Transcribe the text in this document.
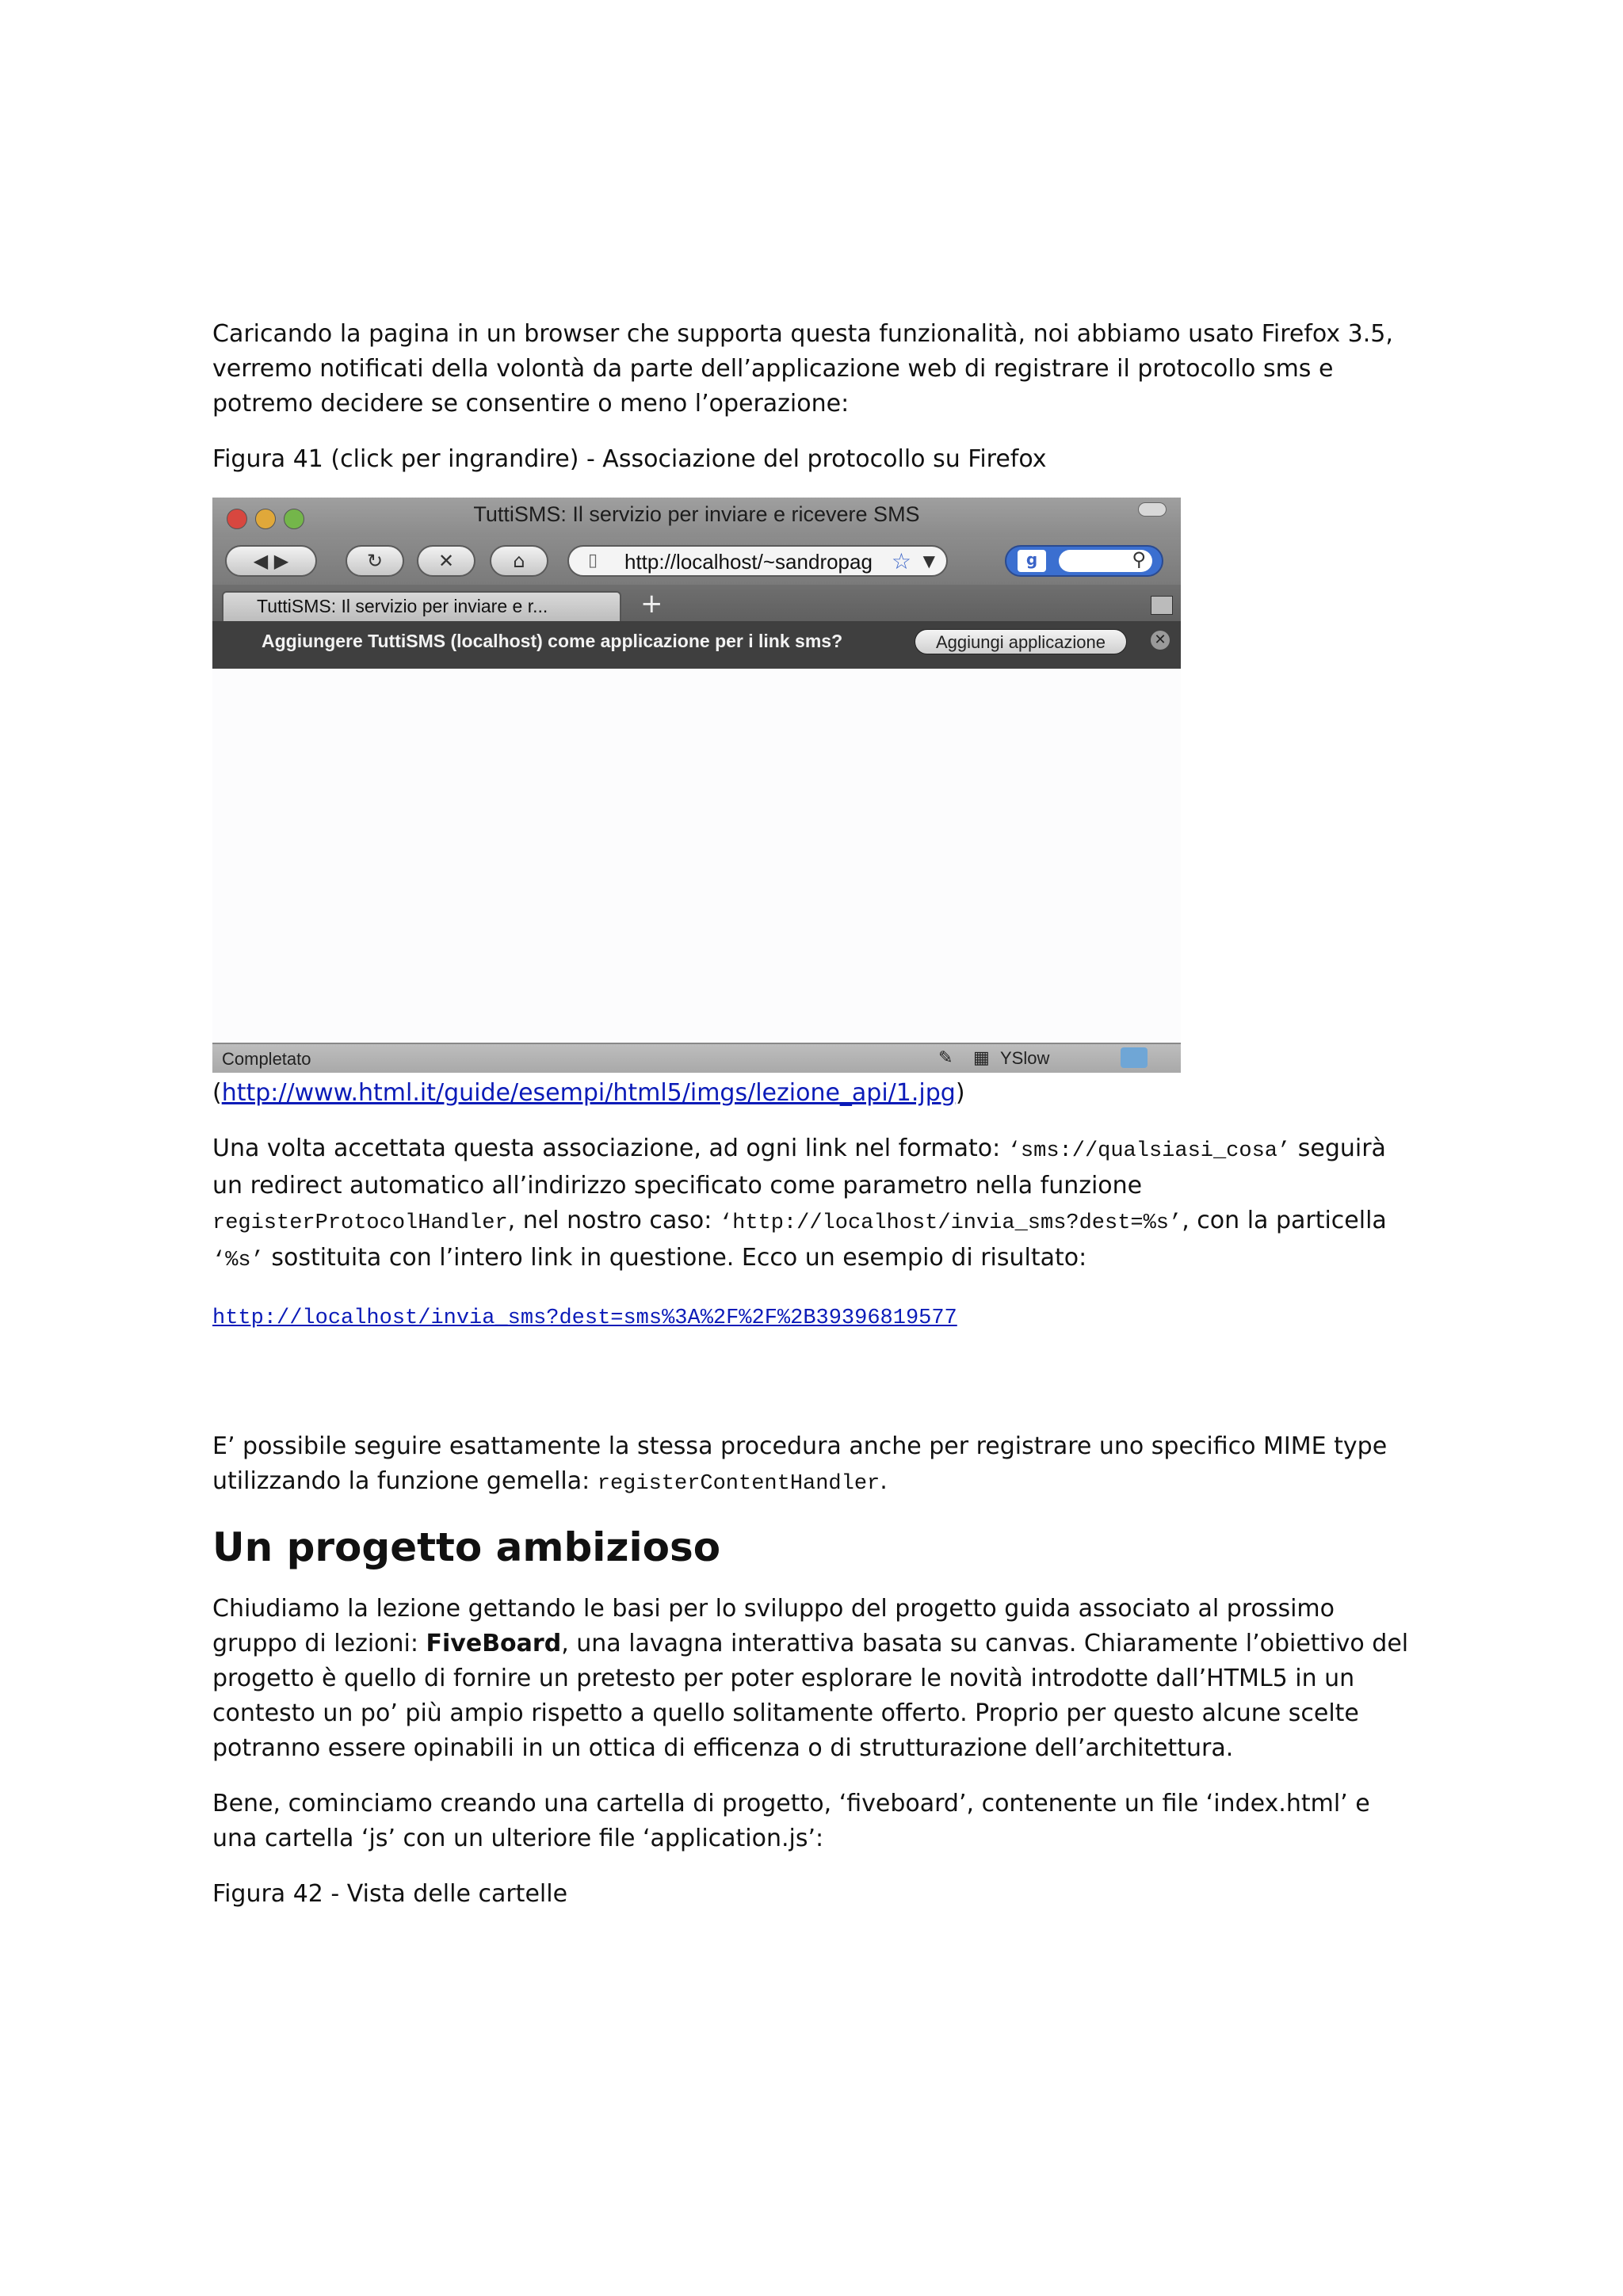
Caricando la pagina in un browser che supporta questa funzionalità, noi abbiamo usato Firefox 3.5, verremo notificati della volontà da parte dell’applicazione web di registrare il protocollo sms e potremo decidere se consentire o meno l’operazione:

Figura 41 (click per ingrandire) - Associazione del protocollo su Firefox

TuttiSMS: Il servizio per inviare e ricevere SMS
◀ ▶	↻	✕	⌂	▯ http://localhost/~sandropag ☆ ▼	g	⚲
TuttiSMS: Il servizio per inviare e r...	+
Aggiungere TuttiSMS (localhost) come applicazione per i link sms?	Aggiungi applicazione	✕
Completato	✎ ▦ YSlow

(http://www.html.it/guide/esempi/html5/imgs/lezione_api/1.jpg)

Una volta accettata questa associazione, ad ogni link nel formato: ‘sms://qualsiasi_cosa’ seguirà un redirect automatico all’indirizzo specificato come parametro nella funzione registerProtocolHandler, nel nostro caso: ‘http://localhost/invia_sms?dest=%s’, con la particella ‘%s’ sostituita con l’intero link in questione. Ecco un esempio di risultato:

http://localhost/invia_sms?dest=sms%3A%2F%2F%2B39396819577

E’ possibile seguire esattamente la stessa procedura anche per registrare uno specifico MIME type utilizzando la funzione gemella: registerContentHandler.

Un progetto ambizioso

Chiudiamo la lezione gettando le basi per lo sviluppo del progetto guida associato al prossimo gruppo di lezioni: FiveBoard, una lavagna interattiva basata su canvas. Chiaramente l’obiettivo del progetto è quello di fornire un pretesto per poter esplorare le novità introdotte dall’HTML5 in un contesto un po’ più ampio rispetto a quello solitamente offerto. Proprio per questo alcune scelte potranno essere opinabili in un ottica di efficenza o di strutturazione dell’architettura.

Bene, cominciamo creando una cartella di progetto, ‘fiveboard’, contenente un file ‘index.html’ e una cartella ‘js’ con un ulteriore file ‘application.js’:

Figura 42 - Vista delle cartelle
